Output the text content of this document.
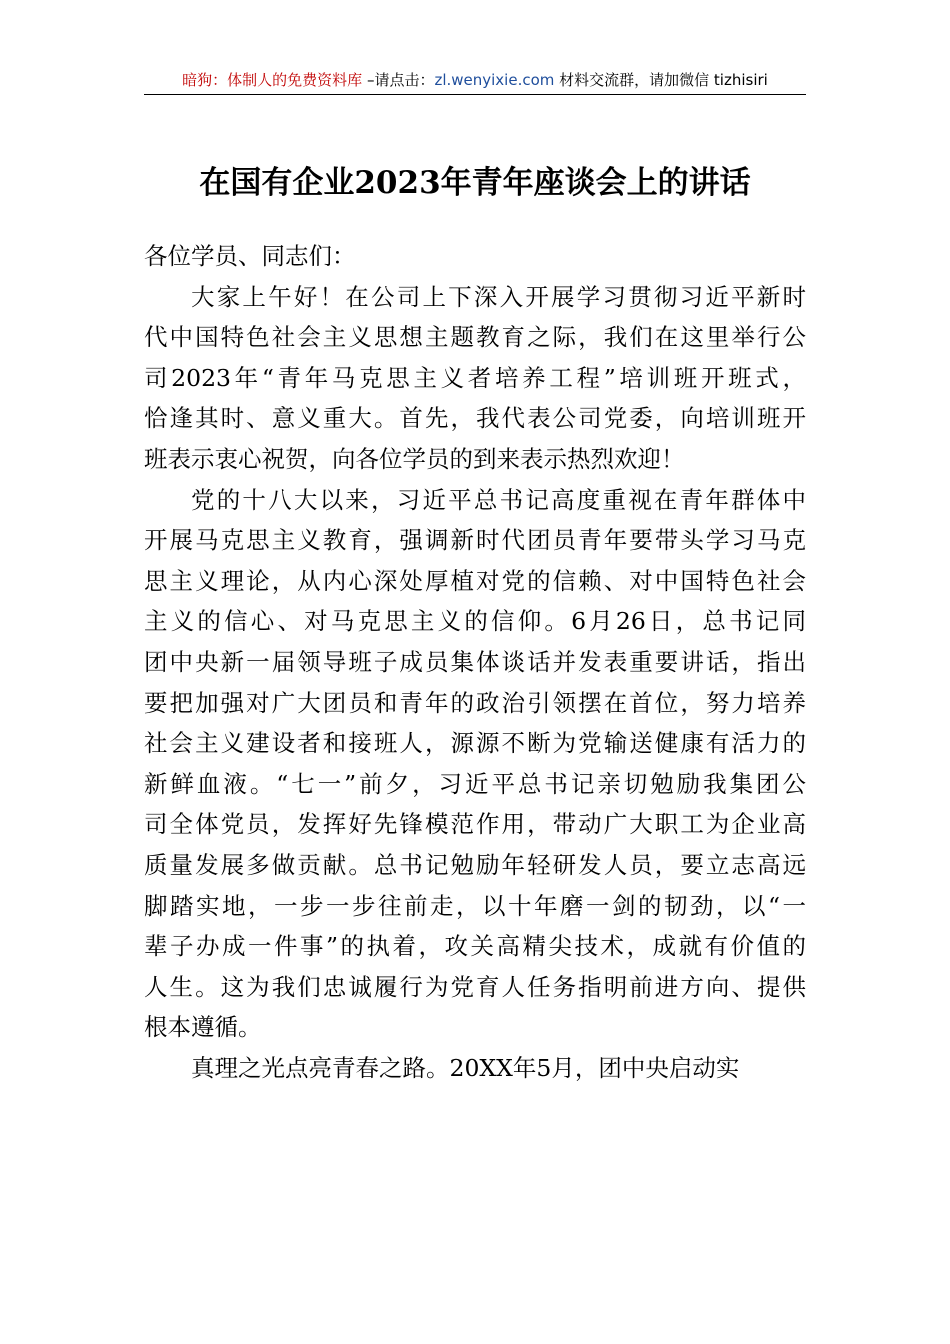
暗狗：体制人的免费资料库 –请点击：zl.wenyixie.com 材料交流群，请加微信 tizhisiri
在国有企业2023年青年座谈会上的讲话

各位学员、同志们：

大家上午好！在公司上下深入开展学习贯彻习近平新时
代中国特色社会主义思想主题教育之际，我们在这里举行公
司2023年“青年马克思主义者培养工程”培训班开班式，
恰逢其时、意义重大。首先，我代表公司党委，向培训班开
班表示衷心祝贺，向各位学员的到来表示热烈欢迎！

党的十八大以来，习近平总书记高度重视在青年群体中
开展马克思主义教育，强调新时代团员青年要带头学习马克
思主义理论，从内心深处厚植对党的信赖、对中国特色社会
主义的信心、对马克思主义的信仰。6月26日，总书记同
团中央新一届领导班子成员集体谈话并发表重要讲话，指出
要把加强对广大团员和青年的政治引领摆在首位，努力培养
社会主义建设者和接班人，源源不断为党输送健康有活力的
新鲜血液。“七一”前夕，习近平总书记亲切勉励我集团公
司全体党员，发挥好先锋模范作用，带动广大职工为企业高
质量发展多做贡献。总书记勉励年轻研发人员，要立志高远
脚踏实地，一步一步往前走，以十年磨一剑的韧劲，以“一
辈子办成一件事”的执着，攻关高精尖技术，成就有价值的
人生。这为我们忠诚履行为党育人任务指明前进方向、提供
根本遵循。

真理之光点亮青春之路。20XX年5月，团中央启动实
